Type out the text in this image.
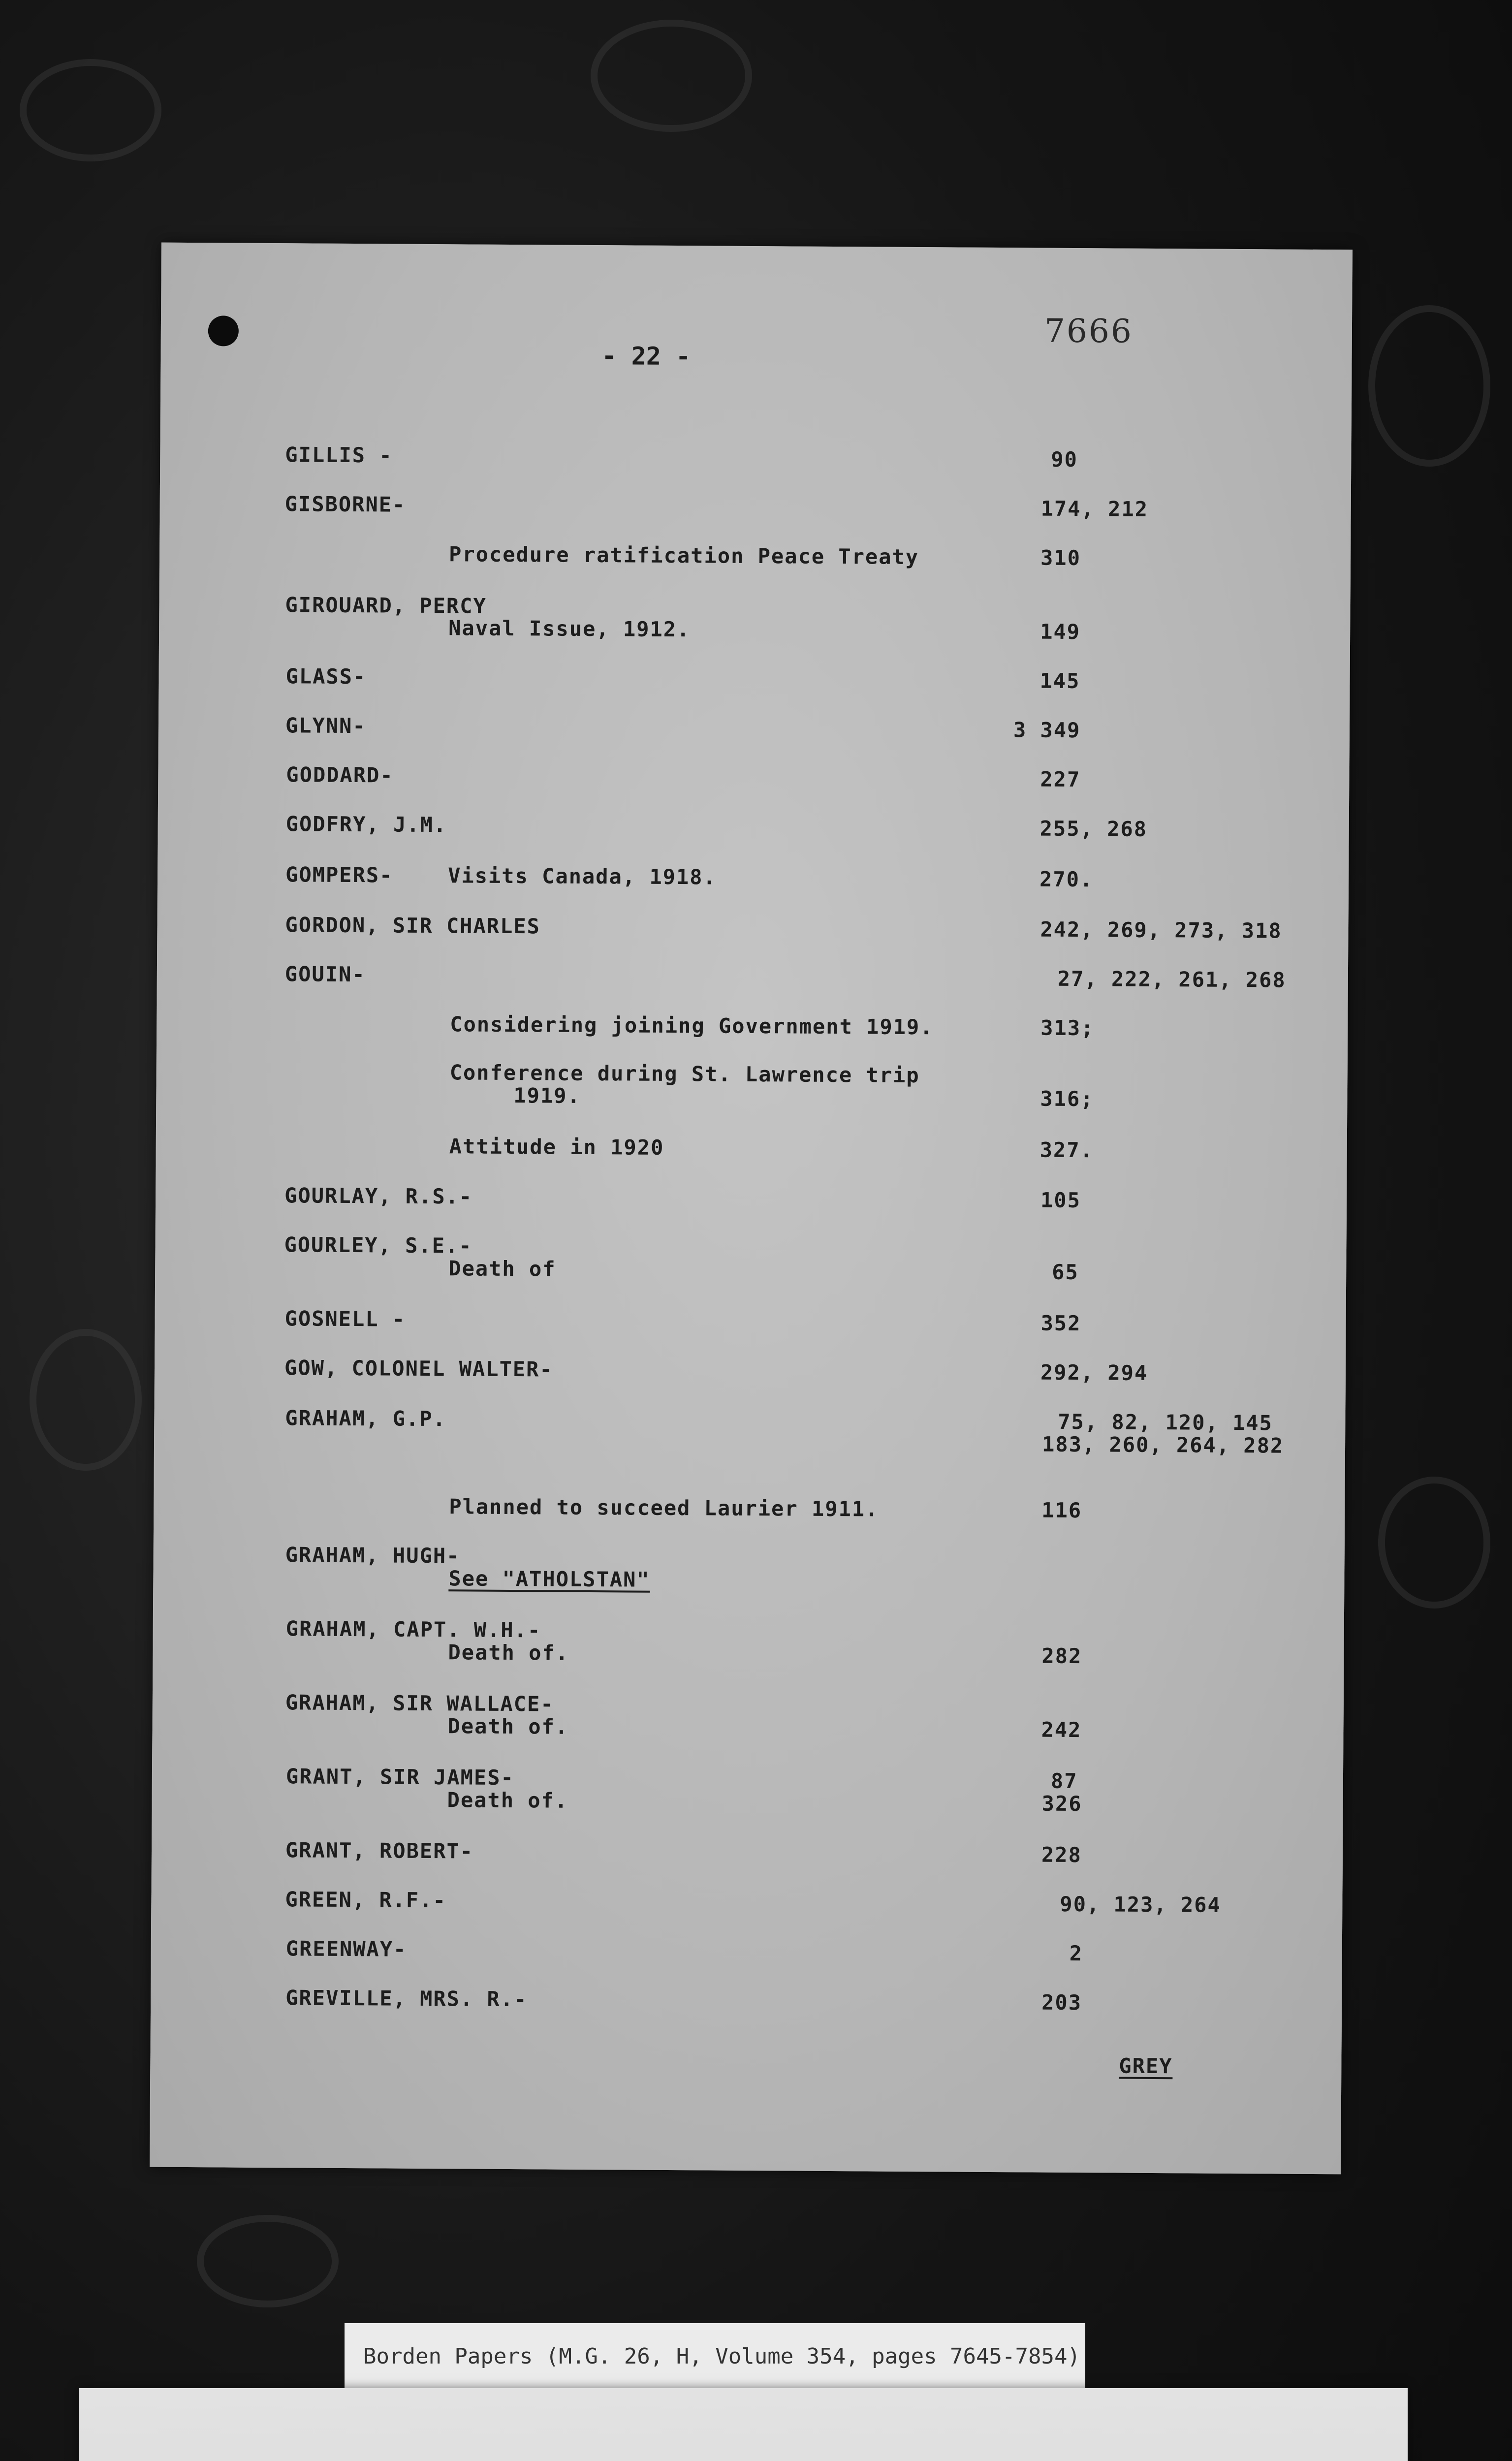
7666
- 22 -
GILLIS -	90
GISBORNE-	174, 212
Procedure ratification Peace Treaty	310
GIROUARD, PERCY
Naval Issue, 1912.	149
GLASS-	145
GLYNN-	3 349
GODDARD-	227
GODFRY, J.M.	255, 268
GOMPERS-	Visits Canada, 1918.	270.
GORDON, SIR CHARLES	242, 269, 273, 318
GOUIN-	27, 222, 261, 268
Considering joining Government 1919.	313;
Conference during St. Lawrence trip
1919.	316;
Attitude in 1920	327.
GOURLAY, R.S.-	105
GOURLEY, S.E.-
Death of	65
GOSNELL -	352
GOW, COLONEL WALTER-	292, 294
GRAHAM, G.P.	75, 82, 120, 145
183, 260, 264, 282
Planned to succeed Laurier 1911.	116
GRAHAM, HUGH-
See "ATHOLSTAN"
GRAHAM, CAPT. W.H.-
Death of.	282
GRAHAM, SIR WALLACE-
Death of.	242
GRANT, SIR JAMES-	87
Death of.	326
GRANT, ROBERT-	228
GREEN, R.F.-	90, 123, 264
GREENWAY-	2
GREVILLE, MRS. R.-	203
GREY
Borden Papers (M.G. 26, H, Volume 354, pages 7645-7854)
